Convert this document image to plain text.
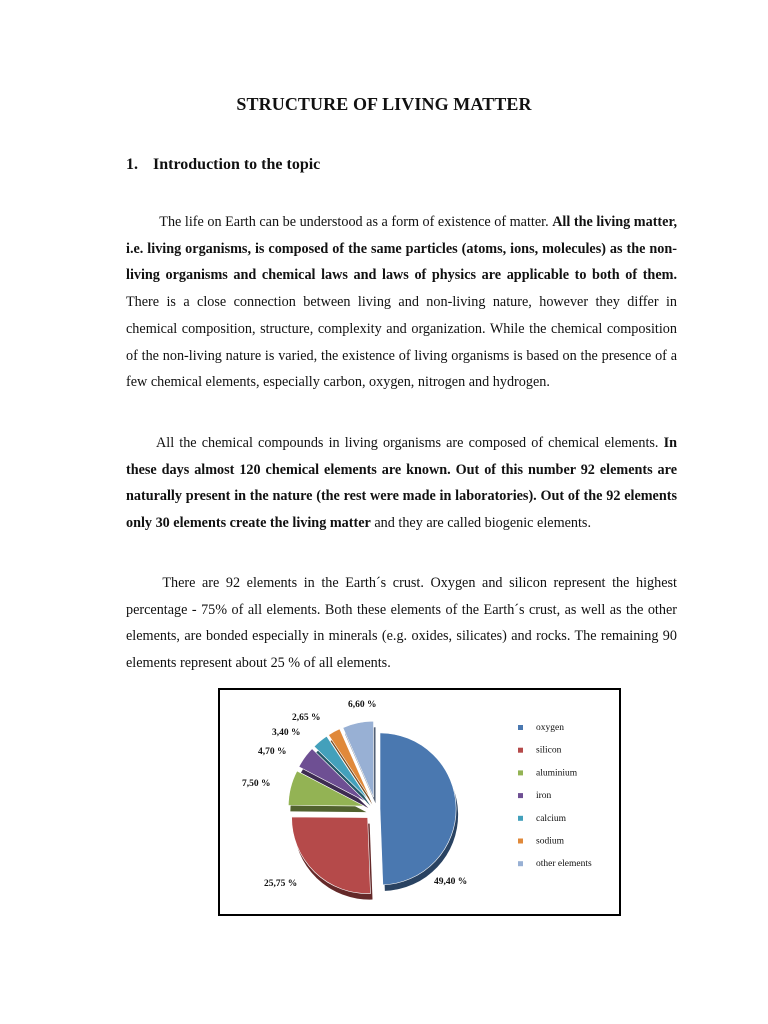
STRUCTURE OF LIVING MATTER
1. Introduction to the topic

The life on Earth can be understood as a form of existence of matter. All the living matter, i.e. living organisms, is composed of the same particles (atoms, ions, molecules) as the non-living organisms and chemical laws and laws of physics are applicable to both of them. There is a close connection between living and non-living nature, however they differ in chemical composition, structure, complexity and organization. While the chemical composition of the non-living nature is varied, the existence of living organisms is based on the presence of a few chemical elements, especially carbon, oxygen, nitrogen and hydrogen.

All the chemical compounds in living organisms are composed of chemical elements. In these days almost 120 chemical elements are known. Out of this number 92 elements are naturally present in the nature (the rest were made in laboratories). Out of the 92 elements only 30 elements create the living matter and they are called biogenic elements.

There are 92 elements in the Earth´s crust. Oxygen and silicon represent the highest percentage - 75% of all elements. Both these elements of the Earth´s crust, as well as the other elements, are bonded especially in minerals (e.g. oxides, silicates) and rocks. The remaining 90 elements represent about 25 % of all elements.

49,40 %
25,75 %
7,50 %
4,70 %
3,40 %
2,65 %
6,60 %
oxygen
silicon
aluminium
iron
calcium
sodium
other elements
